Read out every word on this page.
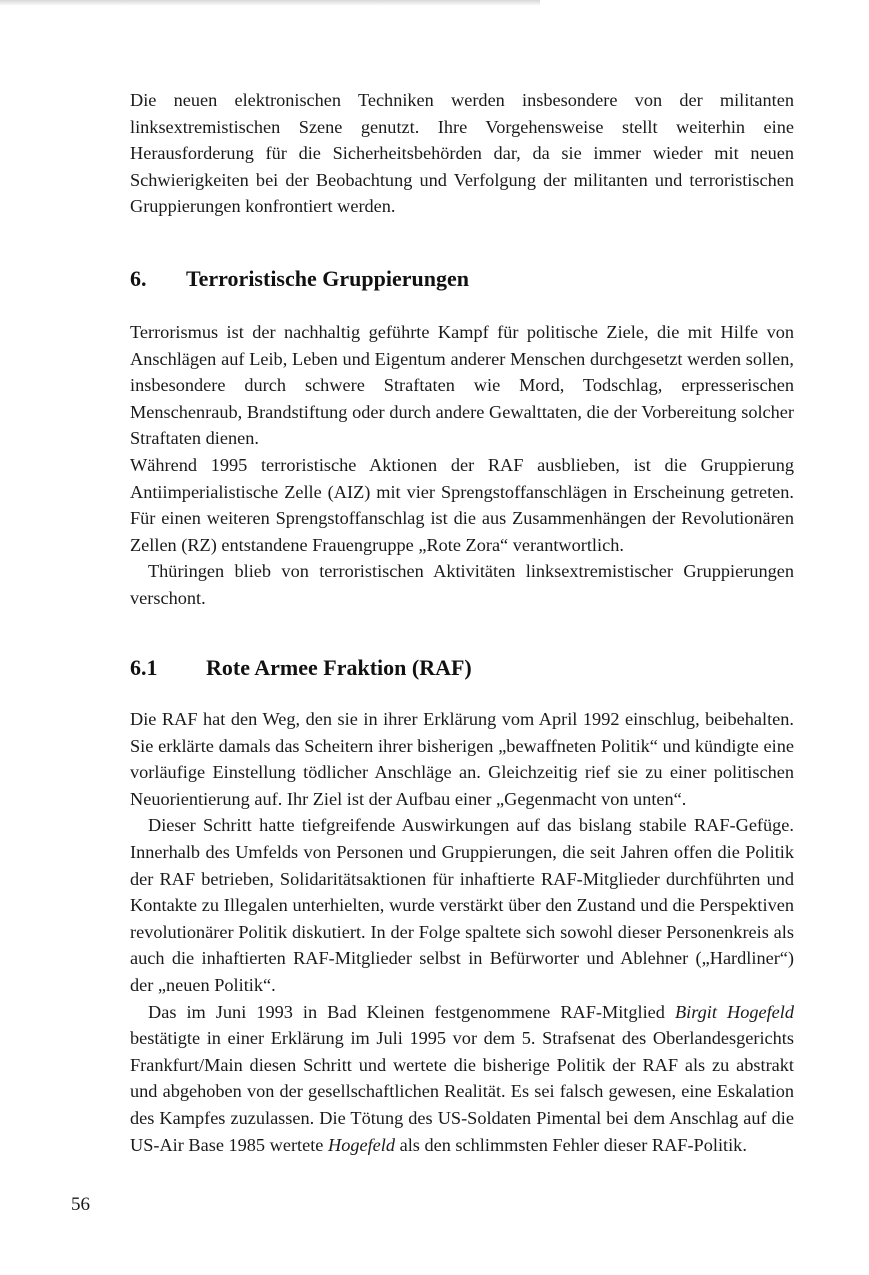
Die neuen elektronischen Techniken werden insbesondere von der militanten linksextremistischen Szene genutzt. Ihre Vorgehensweise stellt weiterhin eine Herausforderung für die Sicherheitsbehörden dar, da sie immer wieder mit neuen Schwierigkeiten bei der Beobachtung und Verfolgung der militanten und terroristischen Gruppierungen konfrontiert werden.

6. Terroristische Gruppierungen

Terrorismus ist der nachhaltig geführte Kampf für politische Ziele, die mit Hilfe von Anschlägen auf Leib, Leben und Eigentum anderer Menschen durchgesetzt werden sollen, insbesondere durch schwere Straftaten wie Mord, Todschlag, erpresserischen Menschenraub, Brandstiftung oder durch andere Gewalttaten, die der Vorbereitung solcher Straftaten dienen.

Während 1995 terroristische Aktionen der RAF ausblieben, ist die Gruppierung Antiimperialistische Zelle (AIZ) mit vier Sprengstoffanschlägen in Erscheinung getreten. Für einen weiteren Sprengstoffanschlag ist die aus Zusammenhängen der Revolutionären Zellen (RZ) entstandene Frauengruppe „Rote Zora“ verantwortlich.

Thüringen blieb von terroristischen Aktivitäten linksextremistischer Gruppierungen verschont.

6.1 Rote Armee Fraktion (RAF)

Die RAF hat den Weg, den sie in ihrer Erklärung vom April 1992 einschlug, beibehalten. Sie erklärte damals das Scheitern ihrer bisherigen „bewaffneten Politik“ und kündigte eine vorläufige Einstellung tödlicher Anschläge an. Gleichzeitig rief sie zu einer politischen Neuorientierung auf. Ihr Ziel ist der Aufbau einer „Gegenmacht von unten“.

Dieser Schritt hatte tiefgreifende Auswirkungen auf das bislang stabile RAF-Gefüge. Innerhalb des Umfelds von Personen und Gruppierungen, die seit Jahren offen die Politik der RAF betrieben, Solidaritätsaktionen für inhaftierte RAF-Mitglieder durchführten und Kontakte zu Illegalen unterhielten, wurde verstärkt über den Zustand und die Perspektiven revolutionärer Politik diskutiert. In der Folge spaltete sich sowohl dieser Personenkreis als auch die inhaftierten RAF-Mitglieder selbst in Befürworter und Ablehner („Hardliner“) der „neuen Politik“.

Das im Juni 1993 in Bad Kleinen festgenommene RAF-Mitglied Birgit Hogefeld bestätigte in einer Erklärung im Juli 1995 vor dem 5. Strafsenat des Oberlandesgerichts Frankfurt/Main diesen Schritt und wertete die bisherige Politik der RAF als zu abstrakt und abgehoben von der gesellschaftlichen Realität. Es sei falsch gewesen, eine Eskalation des Kampfes zuzulassen. Die Tötung des US-Soldaten Pimental bei dem Anschlag auf die US-Air Base 1985 wertete Hogefeld als den schlimmsten Fehler dieser RAF-Politik.

56
